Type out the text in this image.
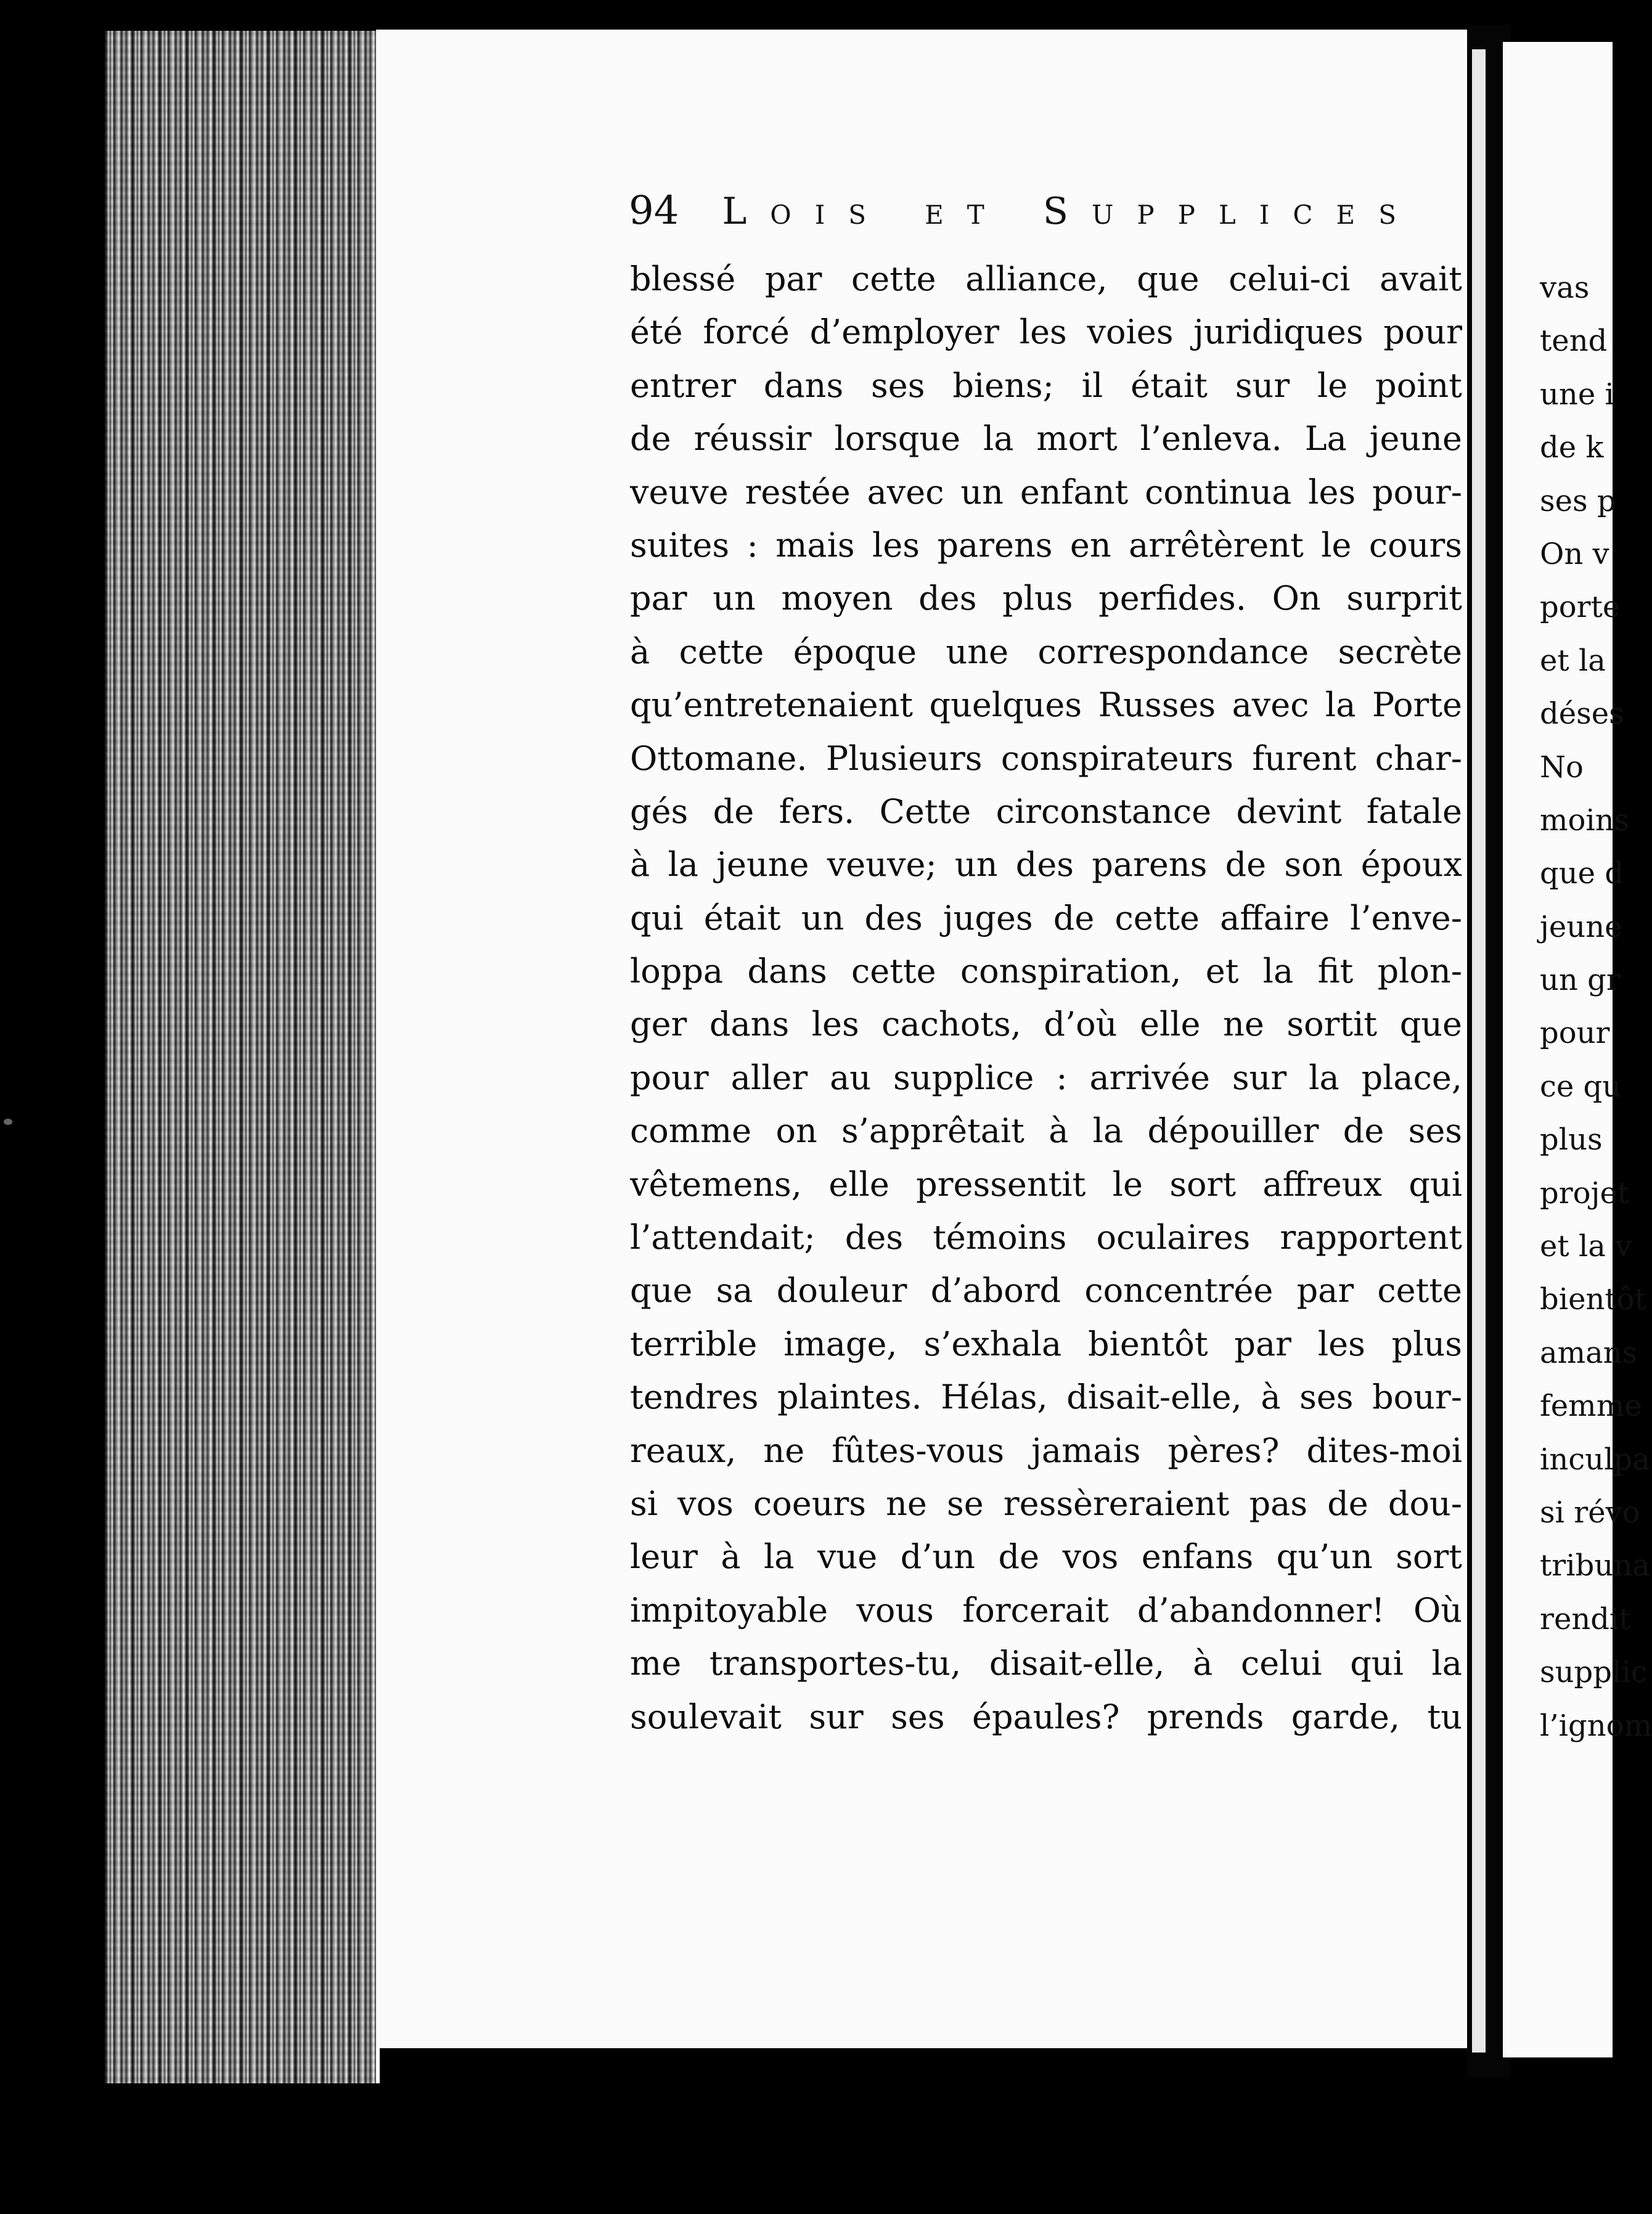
94 Lois et Supplices
blessé par cette alliance, que celui-ci avait
été forcé d’employer les voies juridiques pour
entrer dans ses biens; il était sur le point
de réussir lorsque la mort l’enleva. La jeune
veuve restée avec un enfant continua les pour-
suites : mais les parens en arrêtèrent le cours
par un moyen des plus perfides. On surprit
à cette époque une correspondance secrète
qu’entretenaient quelques Russes avec la Porte
Ottomane. Plusieurs conspirateurs furent char-
gés de fers. Cette circonstance devint fatale
à la jeune veuve; un des parens de son époux
qui était un des juges de cette affaire l’enve-
loppa dans cette conspiration, et la fit plon-
ger dans les cachots, d’où elle ne sortit que
pour aller au supplice : arrivée sur la place,
comme on s’apprêtait à la dépouiller de ses
vêtemens, elle pressentit le sort affreux qui
l’attendait; des témoins oculaires rapportent
que sa douleur d’abord concentrée par cette
terrible image, s’exhala bientôt par les plus
tendres plaintes. Hélas, disait-elle, à ses bour-
reaux, ne fûtes-vous jamais pères? dites-moi
si vos coeurs ne se ressèreraient pas de dou-
leur à la vue d’un de vos enfans qu’un sort
impitoyable vous forcerait d’abandonner! Où
me transportes-tu, disait-elle, à celui qui la
soulevait sur ses épaules? prends garde, tu
vas
tend
une i
de k
ses p
On v
porte
et la
déses
No
moins
que d
jeune
un gr
pour
ce qu
plus
projet
et la v
bientôt
amans
femme
inculpa
si révo
tribuna
rendit
supplic
l’ignom
